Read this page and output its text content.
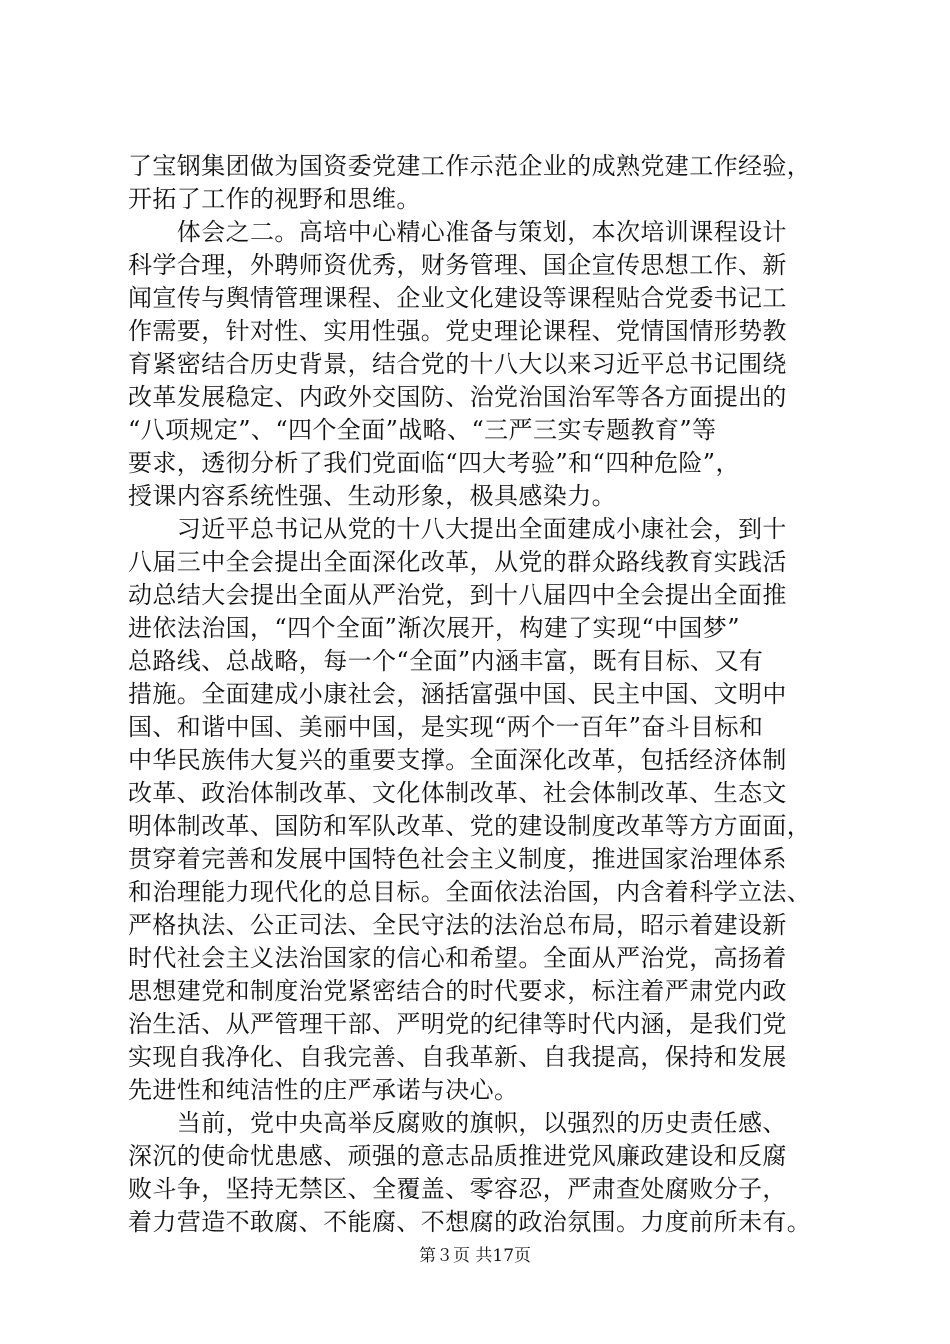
了宝钢集团做为国资委党建工作示范企业的成熟党建工作经验，
开拓了工作的视野和思维。
　　体会之二。高培中心精心准备与策划，本次培训课程设计
科学合理，外聘师资优秀，财务管理、国企宣传思想工作、新
闻宣传与舆情管理课程、企业文化建设等课程贴合党委书记工
作需要，针对性、实用性强。党史理论课程、党情国情形势教
育紧密结合历史背景，结合党的十八大以来习近平总书记围绕
改革发展稳定、内政外交国防、治党治国治军等各方面提出的
“八项规定”、“四个全面”战略、“三严三实专题教育”等
要求，透彻分析了我们党面临“四大考验”和“四种危险”，
授课内容系统性强、生动形象，极具感染力。
　　习近平总书记从党的十八大提出全面建成小康社会，到十
八届三中全会提出全面深化改革，从党的群众路线教育实践活
动总结大会提出全面从严治党，到十八届四中全会提出全面推
进依法治国，“四个全面”渐次展开，构建了实现“中国梦”
总路线、总战略，每一个“全面”内涵丰富，既有目标、又有
措施。全面建成小康社会，涵括富强中国、民主中国、文明中
国、和谐中国、美丽中国，是实现“两个一百年”奋斗目标和
中华民族伟大复兴的重要支撑。全面深化改革，包括经济体制
改革、政治体制改革、文化体制改革、社会体制改革、生态文
明体制改革、国防和军队改革、党的建设制度改革等方方面面，
贯穿着完善和发展中国特色社会主义制度，推进国家治理体系
和治理能力现代化的总目标。全面依法治国，内含着科学立法、
严格执法、公正司法、全民守法的法治总布局，昭示着建设新
时代社会主义法治国家的信心和希望。全面从严治党，高扬着
思想建党和制度治党紧密结合的时代要求，标注着严肃党内政
治生活、从严管理干部、严明党的纪律等时代内涵，是我们党
实现自我净化、自我完善、自我革新、自我提高，保持和发展
先进性和纯洁性的庄严承诺与决心。
　　当前，党中央高举反腐败的旗帜，以强烈的历史责任感、
深沉的使命忧患感、顽强的意志品质推进党风廉政建设和反腐
败斗争，坚持无禁区、全覆盖、零容忍，严肃查处腐败分子，
着力营造不敢腐、不能腐、不想腐的政治氛围。力度前所未有。
第３页 共17页
